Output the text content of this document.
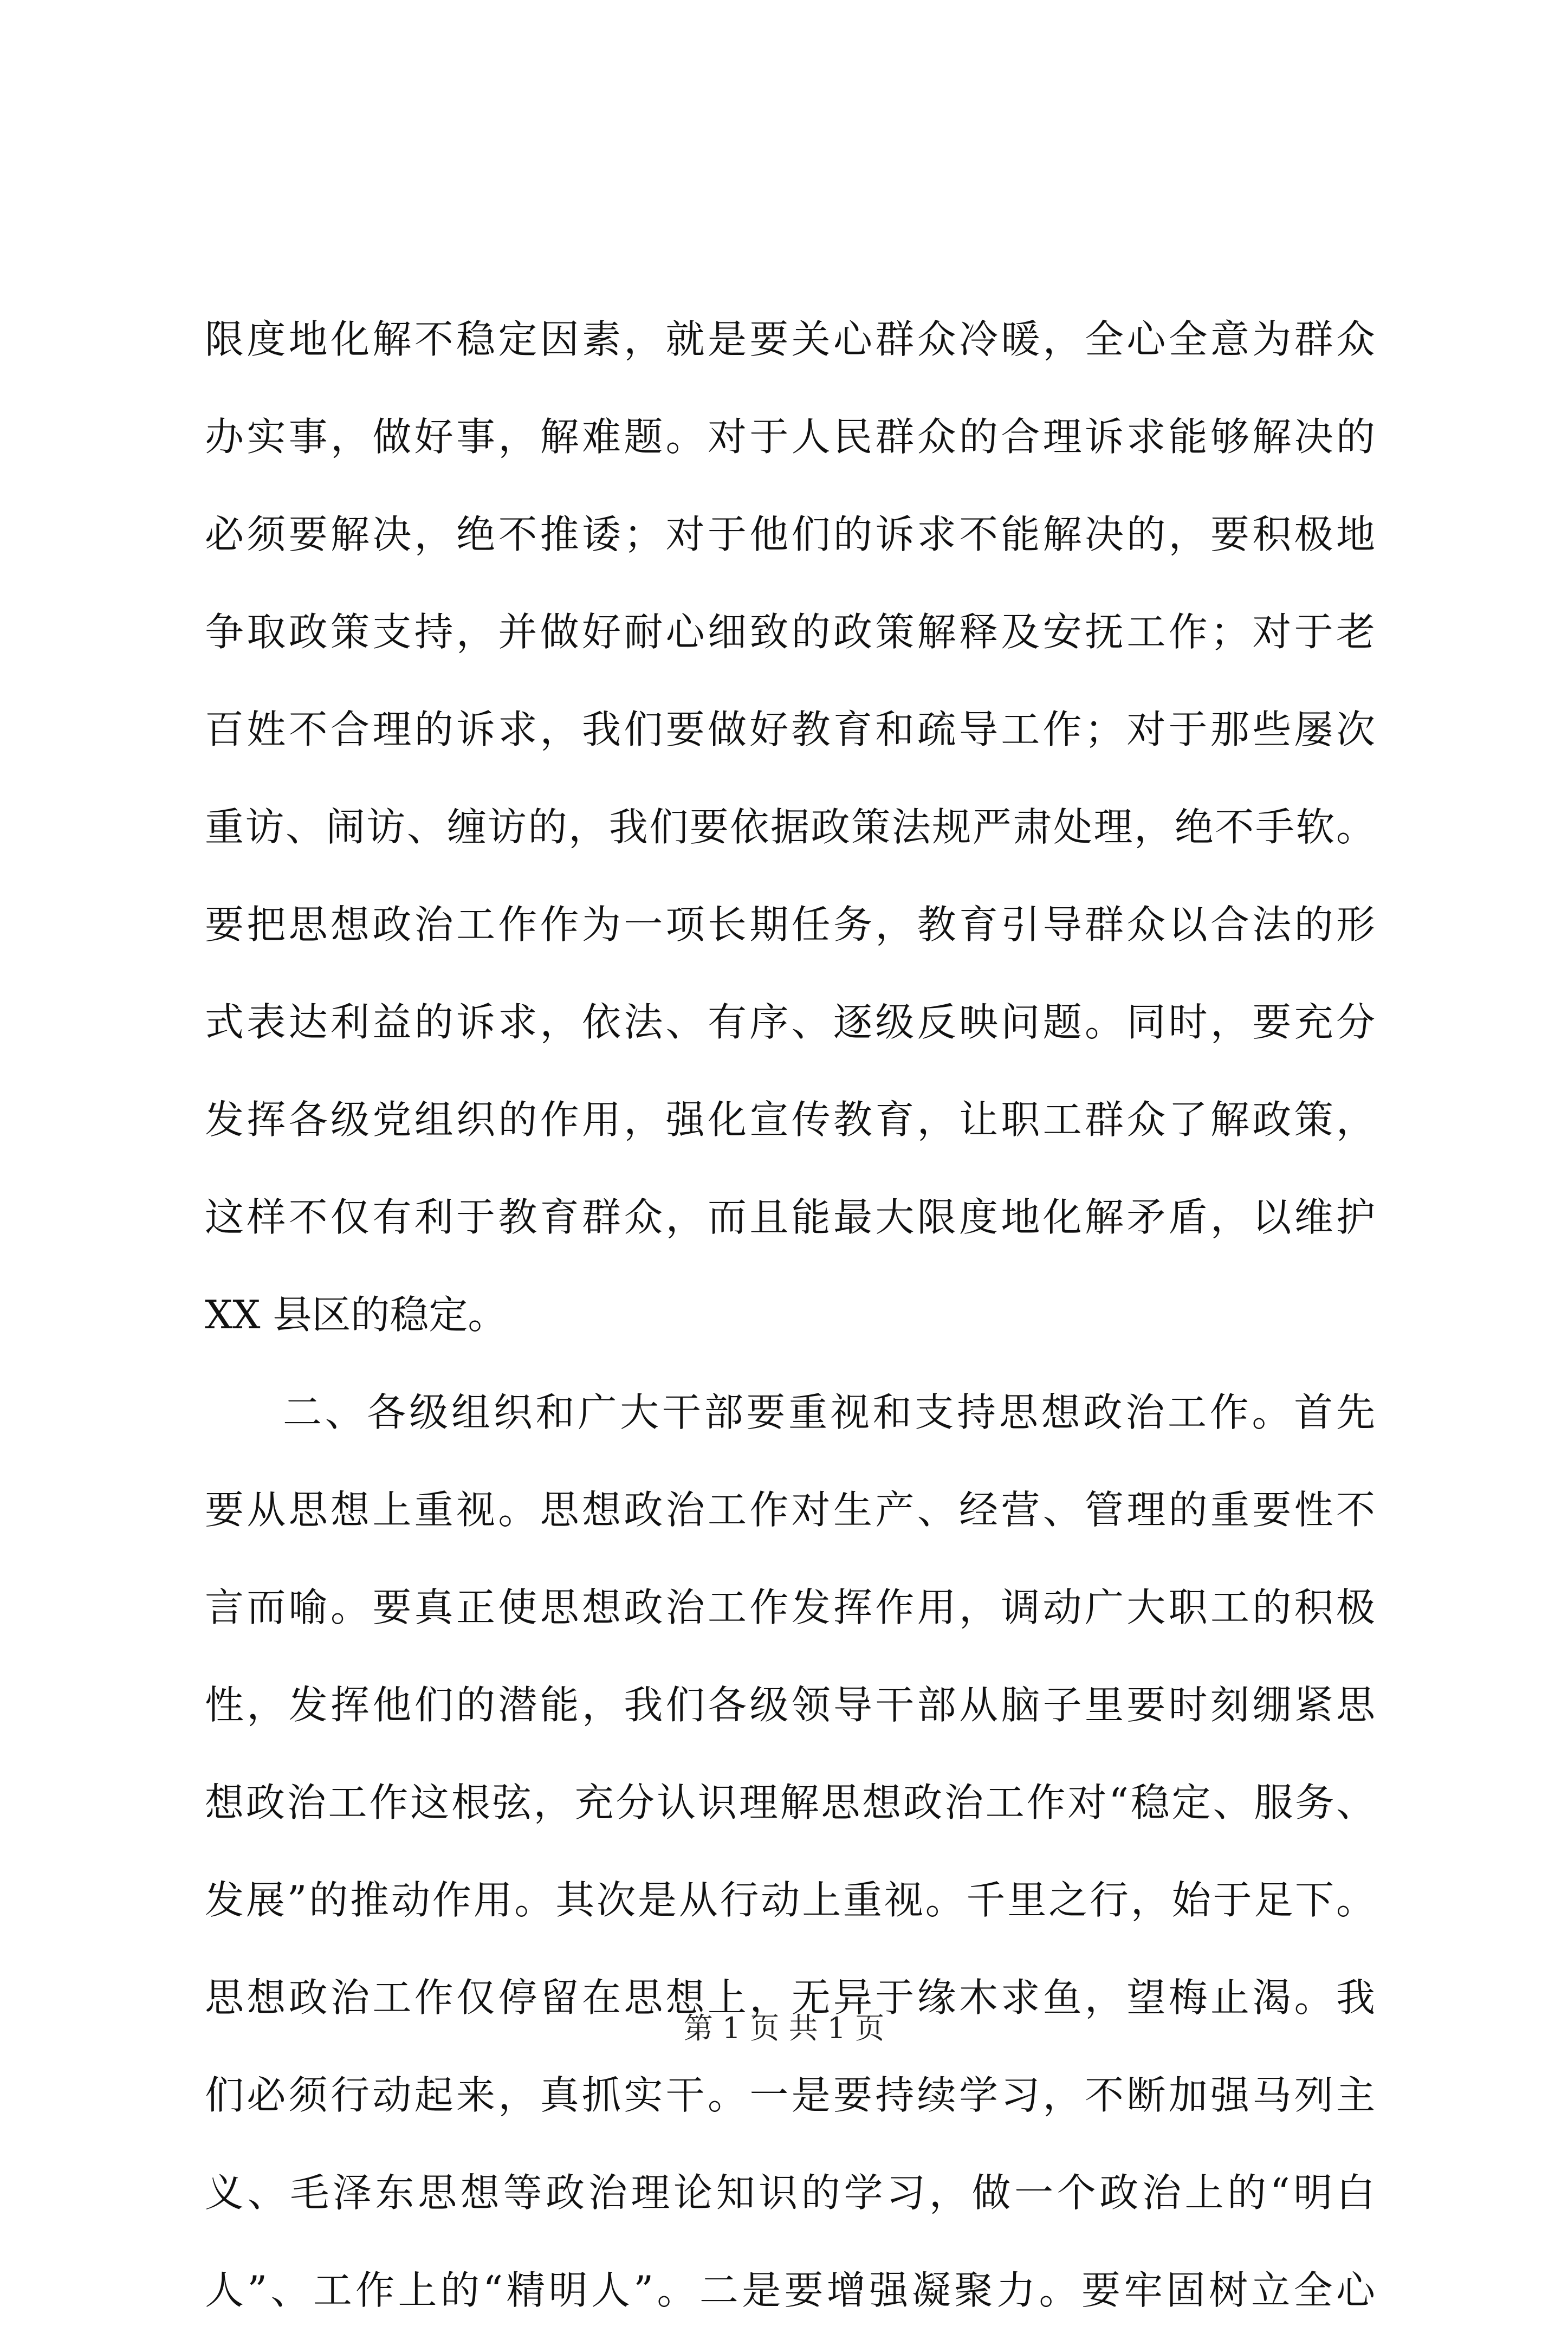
限度地化解不稳定因素，就是要关心群众冷暖，全心全意为群众
办实事，做好事，解难题。对于人民群众的合理诉求能够解决的
必须要解决，绝不推诿；对于他们的诉求不能解决的，要积极地
争取政策支持，并做好耐心细致的政策解释及安抚工作；对于老
百姓不合理的诉求，我们要做好教育和疏导工作；对于那些屡次
重访、闹访、缠访的，我们要依据政策法规严肃处理，绝不手软。
要把思想政治工作作为一项长期任务，教育引导群众以合法的形
式表达利益的诉求，依法、有序、逐级反映问题。同时，要充分
发挥各级党组织的作用，强化宣传教育，让职工群众了解政策，
这样不仅有利于教育群众，而且能最大限度地化解矛盾，以维护
XX 县区的稳定。
二、各级组织和广大干部要重视和支持思想政治工作。首先
要从思想上重视。思想政治工作对生产、经营、管理的重要性不
言而喻。要真正使思想政治工作发挥作用，调动广大职工的积极
性，发挥他们的潜能，我们各级领导干部从脑子里要时刻绷紧思
想政治工作这根弦，充分认识理解思想政治工作对“稳定、服务、
发展”的推动作用。其次是从行动上重视。千里之行，始于足下。
思想政治工作仅停留在思想上，无异于缘木求鱼，望梅止渴。我
们必须行动起来，真抓实干。一是要持续学习，不断加强马列主
义、毛泽东思想等政治理论知识的学习，做一个政治上的“明白
人”、工作上的“精明人”。二是要增强凝聚力。要牢固树立全心
第 1 页 共 1 页
